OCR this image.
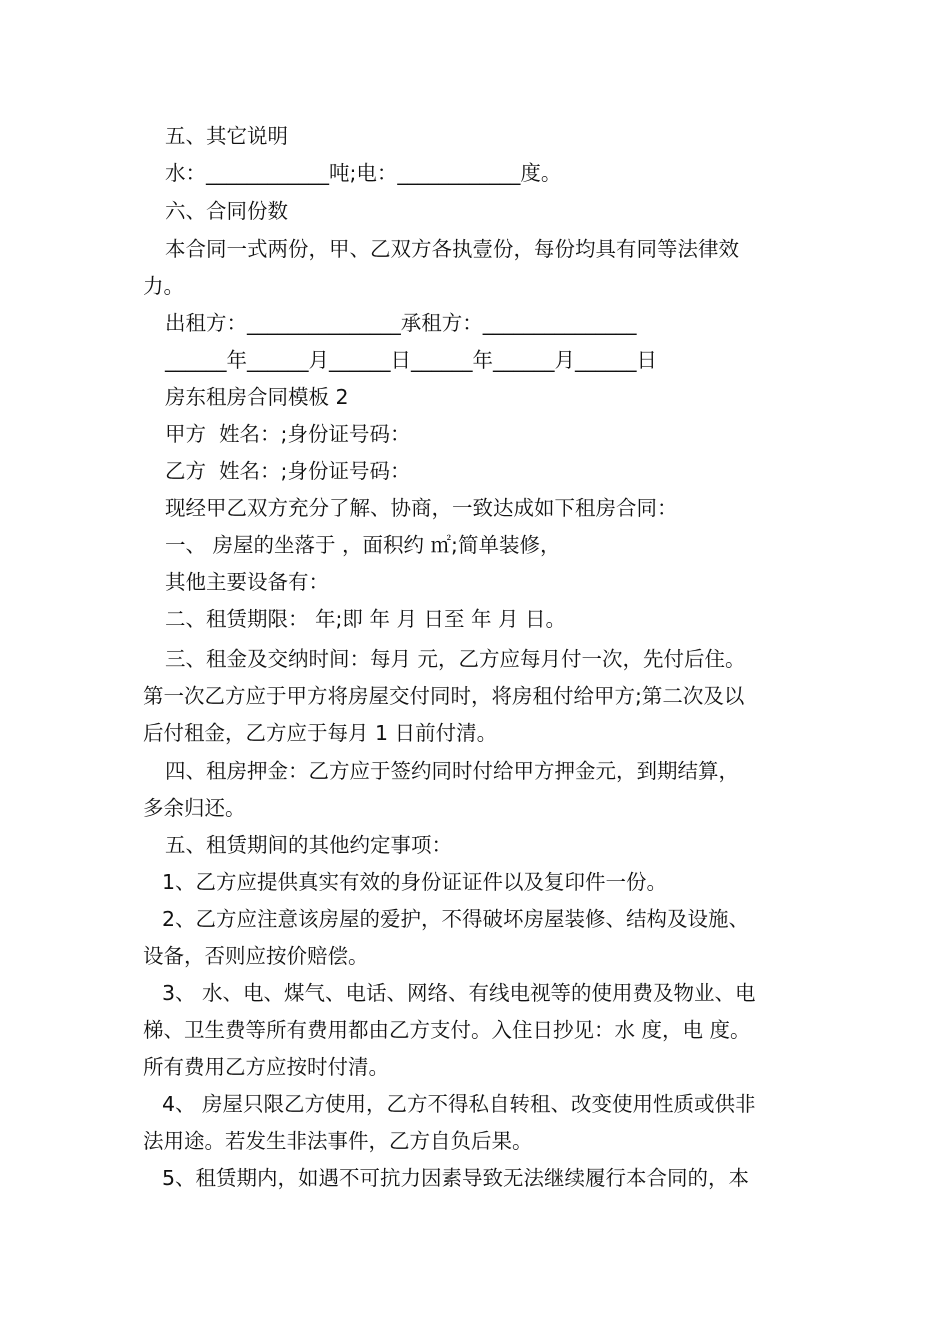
五、其它说明
水：____________吨;电：____________度。
六、合同份数
本合同一式两份，甲、乙双方各执壹份，每份均具有同等法律效
力。
出租方：_______________承租方：_______________
______年______月______日______年______月______日
房东租房合同模板 2
甲方  姓名：;身份证号码：
乙方  姓名：;身份证号码：
现经甲乙双方充分了解、协商，一致达成如下租房合同：
一、 房屋的坐落于 ，面积约 ㎡;简单装修，
其他主要设备有：
二、租赁期限： 年;即 年 月 日至 年 月 日。
三、租金及交纳时间：每月 元，乙方应每月付一次，先付后住。
第一次乙方应于甲方将房屋交付同时，将房租付给甲方;第二次及以
后付租金，乙方应于每月 1 日前付清。
四、租房押金：乙方应于签约同时付给甲方押金元，到期结算，
多余归还。
五、租赁期间的其他约定事项：
1、乙方应提供真实有效的身份证证件以及复印件一份。
2、乙方应注意该房屋的爱护，不得破坏房屋装修、结构及设施、
设备，否则应按价赔偿。
3、 水、电、煤气、电话、网络、有线电视等的使用费及物业、电
梯、卫生费等所有费用都由乙方支付。入住日抄见：水 度，电 度。
所有费用乙方应按时付清。
4、 房屋只限乙方使用，乙方不得私自转租、改变使用性质或供非
法用途。若发生非法事件，乙方自负后果。
5、租赁期内，如遇不可抗力因素导致无法继续履行本合同的，本
